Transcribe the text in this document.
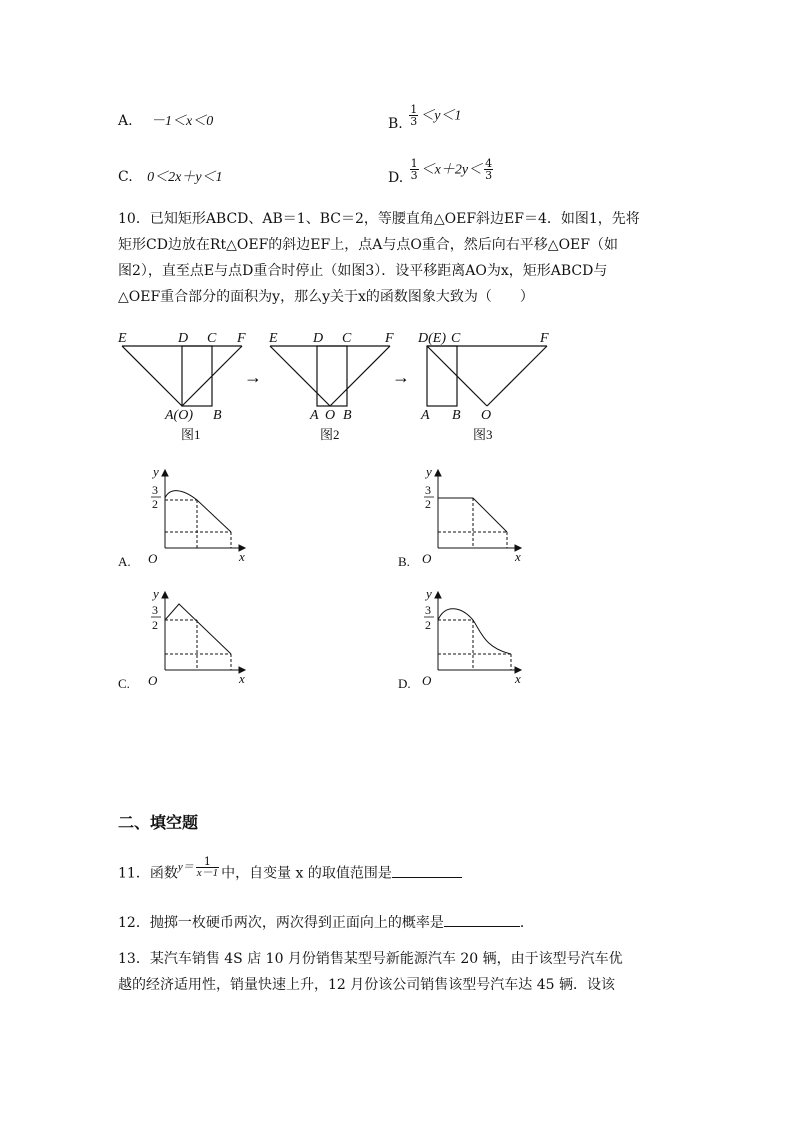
A. －1＜x＜0	B. $\frac{1}{3} <y<1$
C. 0＜2x＋y＜1	D. $\frac{1}{3} <x+2y< \frac{4}{3}$
10．已知矩形ABCD、AB＝1、BC＝2，等腰直角△OEF斜边EF＝4．如图1，先将
矩形CD边放在Rt△OEF的斜边EF上，点A与点O重合，然后向右平移△OEF（如
图2），直至点E与点D重合时停止（如图3）．设平移距离AO为x，矩形ABCD与
△OEF重合部分的面积为y，那么y关于x的函数图象大致为（　　）
→	→
E	D C F
A(O) B
E	D C F
A O B
D(E) C	F
A B O
图1	图2	图3
y
x
O
3
2
A.
y
x
O
3
2
B.
y
x
O
3
2
C.
y
x
O
3
2
D.
二、填空题
11．函数$^{y=} \frac{1}{x-1}$ 中，自变量 x 的取值范围是
12．抛掷一枚硬币两次，两次得到正面向上的概率是	．
13．某汽车销售 4S 店 10 月份销售某型号新能源汽车 20 辆，由于该型号汽车优
越的经济适用性，销量快速上升，12 月份该公司销售该型号汽车达 45 辆．设该
